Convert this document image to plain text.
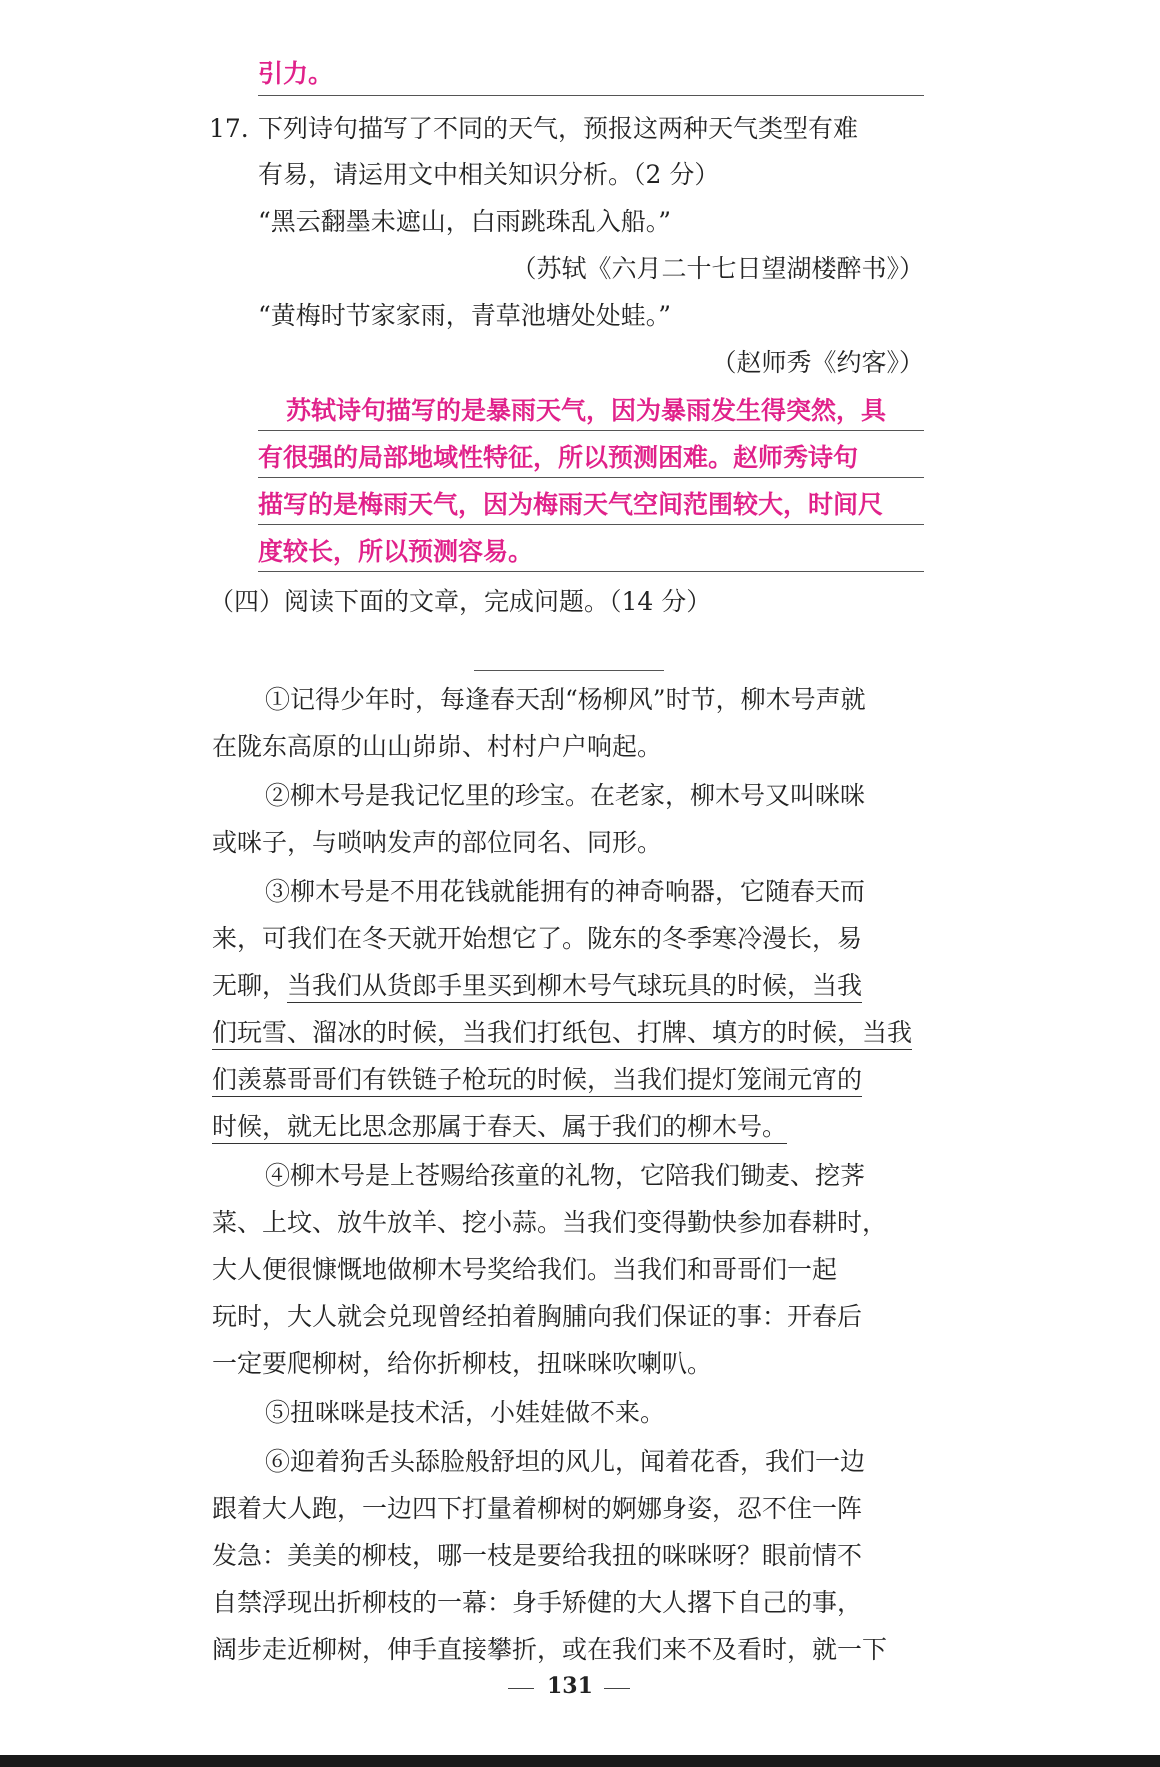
引力。
17. 下列诗句描写了不同的天气，预报这两种天气类型有难
有易，请运用文中相关知识分析。（2 分）
“黑云翻墨未遮山，白雨跳珠乱入船。”
（苏轼《六月二十七日望湖楼醉书》）
“黄梅时节家家雨，青草池塘处处蛙。”
（赵师秀《约客》）
苏轼诗句描写的是暴雨天气，因为暴雨发生得突然，具
有很强的局部地域性特征，所以预测困难。赵师秀诗句
描写的是梅雨天气，因为梅雨天气空间范围较大，时间尺
度较长，所以预测容易。
（四）阅读下面的文章，完成问题。（14 分）
①记得少年时，每逢春天刮“杨柳风”时节，柳木号声就
在陇东高原的山山峁峁、村村户户响起。
②柳木号是我记忆里的珍宝。在老家，柳木号又叫咪咪
或咪子，与唢呐发声的部位同名、同形。
③柳木号是不用花钱就能拥有的神奇响器，它随春天而
来，可我们在冬天就开始想它了。陇东的冬季寒冷漫长，易
无聊，当我们从货郎手里买到柳木号气球玩具的时候，当我
们玩雪、溜冰的时候，当我们打纸包、打牌、填方的时候，当我
们羡慕哥哥们有铁链子枪玩的时候，当我们提灯笼闹元宵的
时候，就无比思念那属于春天、属于我们的柳木号。
④柳木号是上苍赐给孩童的礼物，它陪我们锄麦、挖荠
菜、上坟、放牛放羊、挖小蒜。当我们变得勤快参加春耕时，
大人便很慷慨地做柳木号奖给我们。当我们和哥哥们一起
玩时，大人就会兑现曾经拍着胸脯向我们保证的事：开春后
一定要爬柳树，给你折柳枝，扭咪咪吹喇叭。
⑤扭咪咪是技术活，小娃娃做不来。
⑥迎着狗舌头舔脸般舒坦的风儿，闻着花香，我们一边
跟着大人跑，一边四下打量着柳树的婀娜身姿，忍不住一阵
发急：美美的柳枝，哪一枝是要给我扭的咪咪呀？眼前情不
自禁浮现出折柳枝的一幕：身手矫健的大人撂下自己的事，
阔步走近柳树，伸手直接攀折，或在我们来不及看时，就一下
131
